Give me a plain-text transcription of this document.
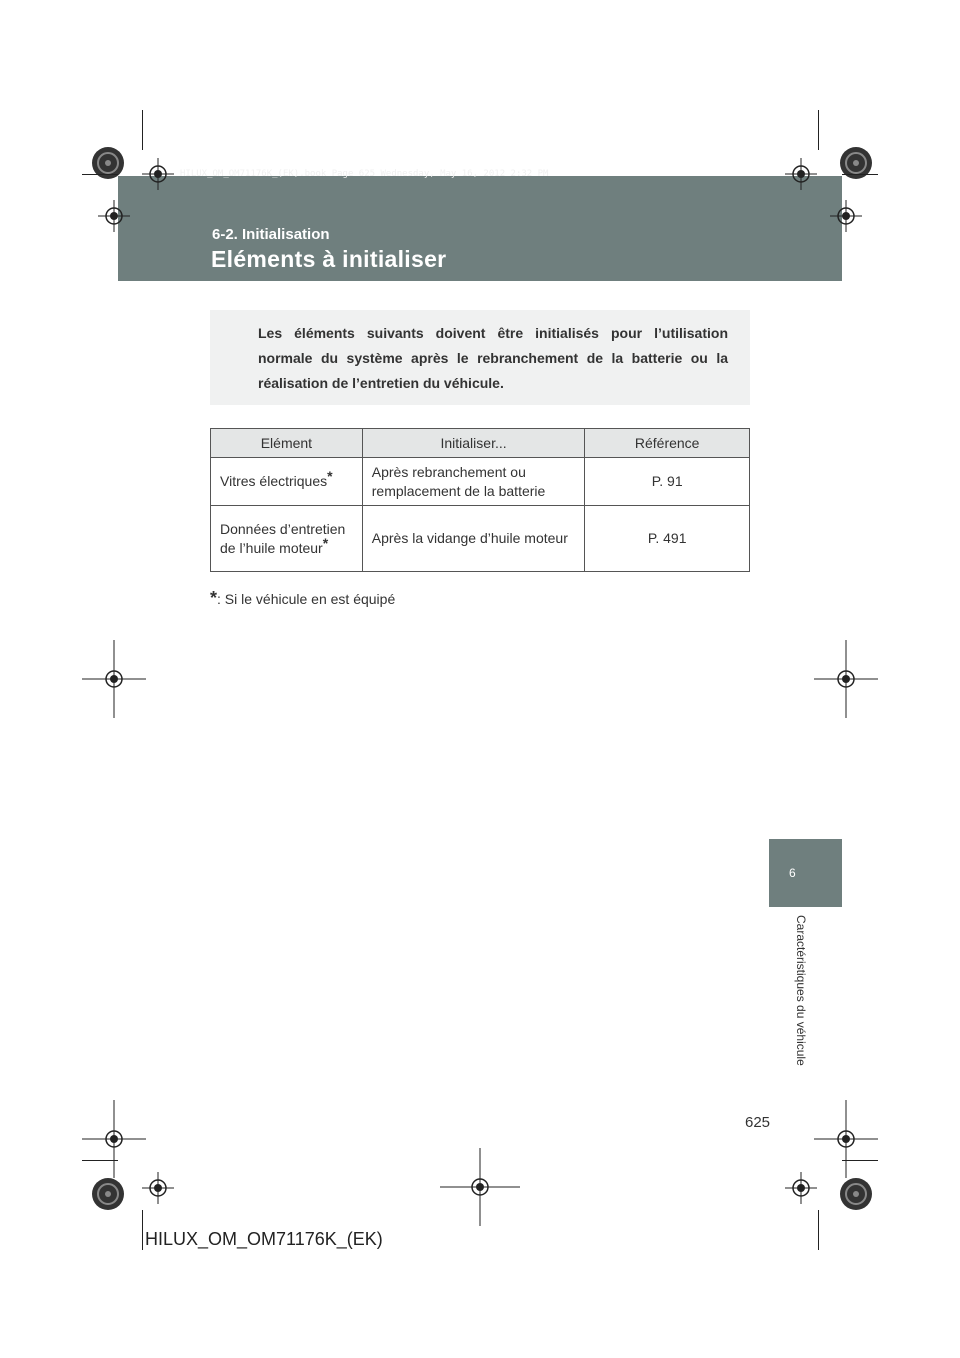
HILUX_OM_OM71176K_(EK).book Page 625 Wednesday, May 16, 2012 2:32 PM
6-2. Initialisation
Eléments à initialiser
Les éléments suivants doivent être initialisés pour l’utilisation normale du système après le rebranchement de la batterie ou la réalisation de l’entretien du véhicule.
Elément	Initialiser...	Référence
Vitres électriques*	Après rebranchement ou remplacement de la batterie	P. 91
Données d’entretien de l’huile moteur*	Après la vidange d’huile moteur	P. 491
*: Si le véhicule en est équipé
6
Caractéristiques du véhicule
625
HILUX_OM_OM71176K_(EK)
